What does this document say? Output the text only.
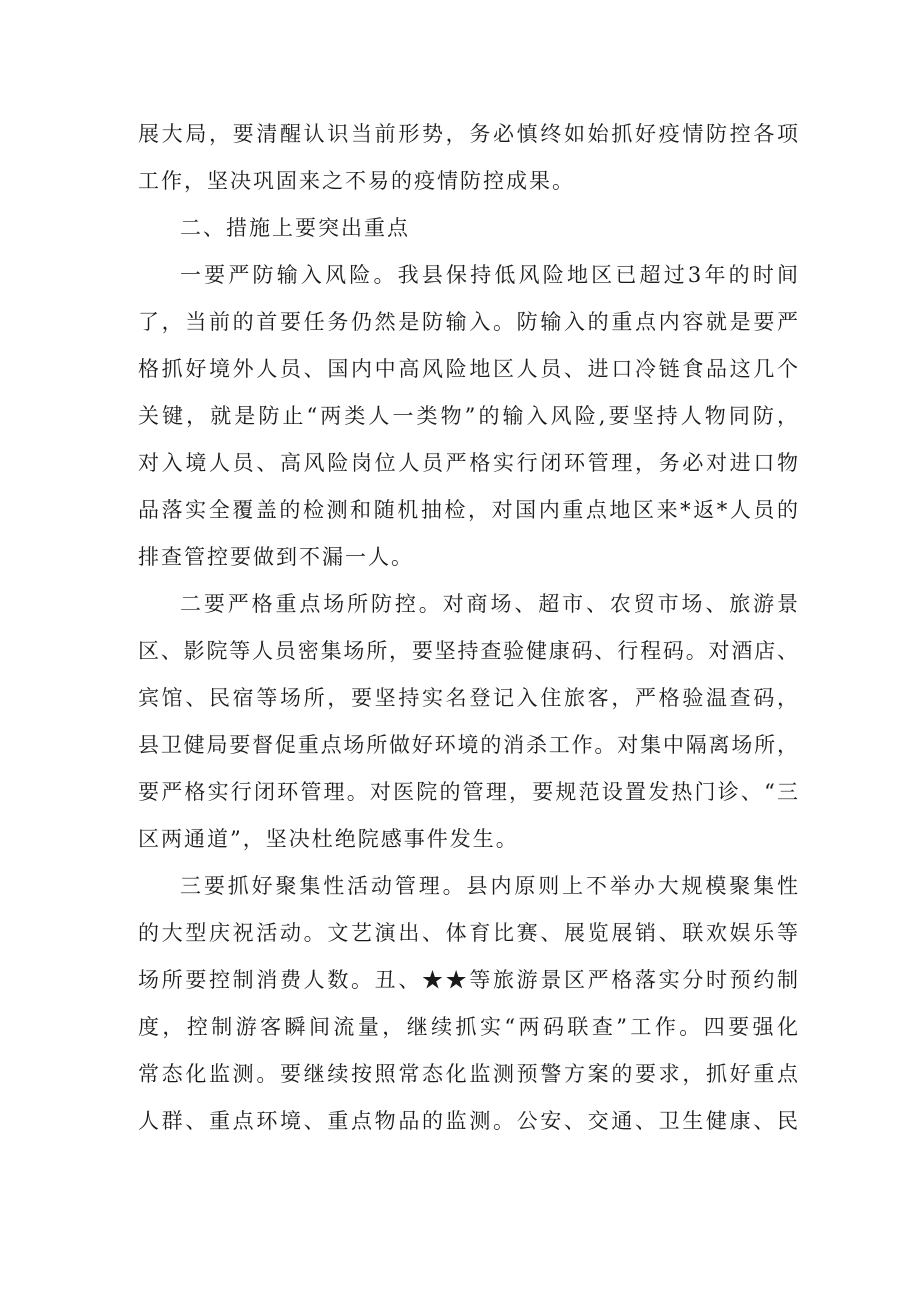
展大局，要清醒认识当前形势，务必慎终如始抓好疫情防控各项
工作，坚决巩固来之不易的疫情防控成果。
二、措施上要突出重点
一要严防输入风险。我县保持低风险地区已超过3年的时间
了，当前的首要任务仍然是防输入。防输入的重点内容就是要严
格抓好境外人员、国内中高风险地区人员、进口冷链食品这几个
关键，就是防止“两类人一类物”的输入风险,要坚持人物同防，
对入境人员、高风险岗位人员严格实行闭环管理，务必对进口物
品落实全覆盖的检测和随机抽检，对国内重点地区来*返*人员的
排查管控要做到不漏一人。
二要严格重点场所防控。对商场、超市、农贸市场、旅游景
区、影院等人员密集场所，要坚持查验健康码、行程码。对酒店、
宾馆、民宿等场所，要坚持实名登记入住旅客，严格验温查码，
县卫健局要督促重点场所做好环境的消杀工作。对集中隔离场所，
要严格实行闭环管理。对医院的管理，要规范设置发热门诊、“三
区两通道”，坚决杜绝院感事件发生。
三要抓好聚集性活动管理。县内原则上不举办大规模聚集性
的大型庆祝活动。文艺演出、体育比赛、展览展销、联欢娱乐等
场所要控制消费人数。丑、★★等旅游景区严格落实分时预约制
度，控制游客瞬间流量，继续抓实“两码联查”工作。四要强化
常态化监测。要继续按照常态化监测预警方案的要求，抓好重点
人群、重点环境、重点物品的监测。公安、交通、卫生健康、民
